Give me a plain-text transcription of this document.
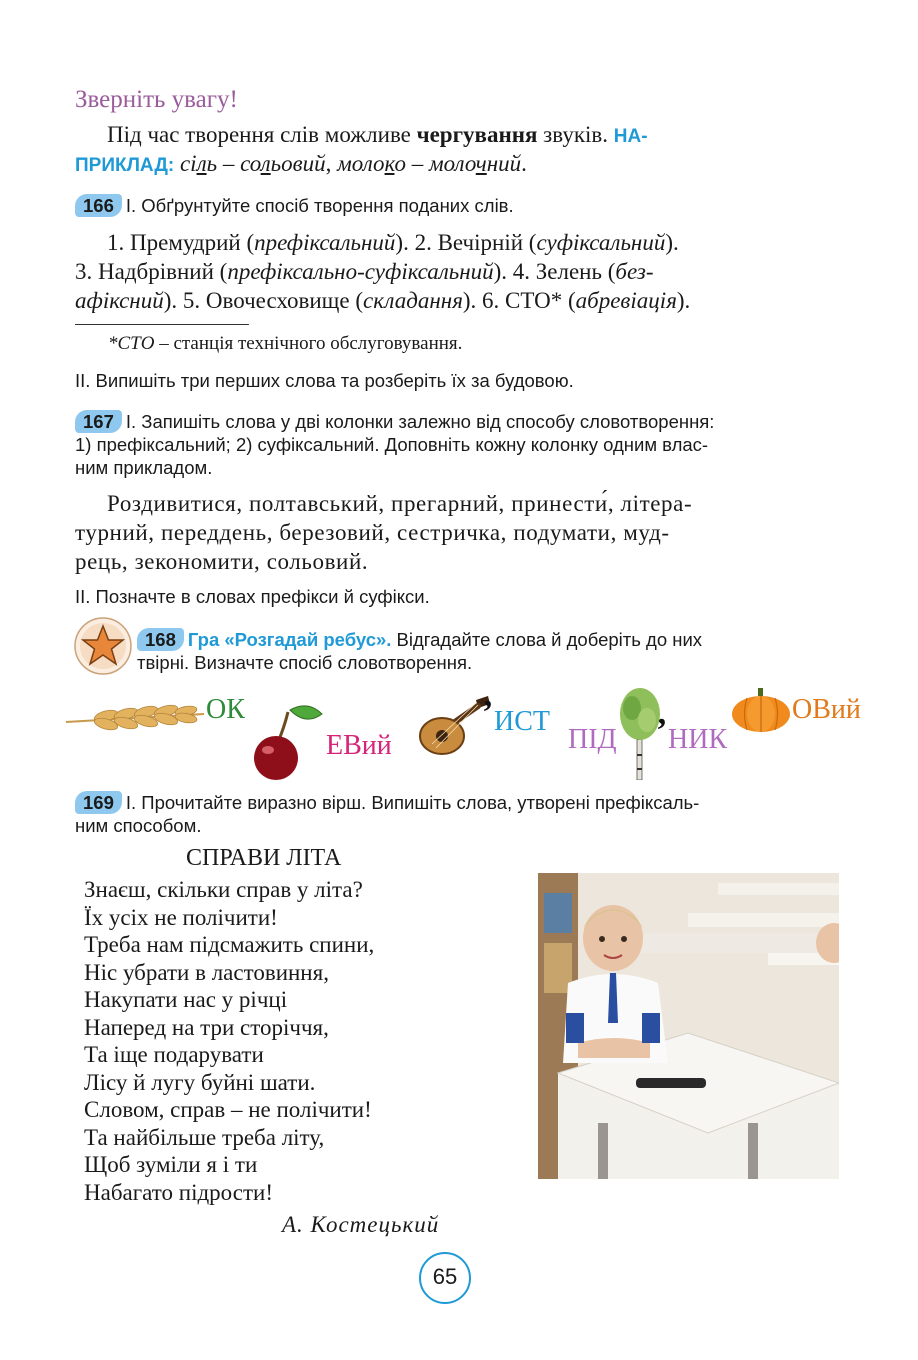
Зверніть увагу!
Під час творення слів можливе чергування звуків. НА-
ПРИКЛАД: сіль – сольовий, молоко – молочний.
166 І. Обґрунтуйте спосіб творення поданих слів.
1. Премудрий (префіксальний). 2. Вечірній (суфіксальний).
3. Надбрівний (префіксально-суфіксальний). 4. Зелень (без-
афіксний). 5. Овочесховище (складання). 6. СТО* (абревіація).
*СТО – станція технічного обслуговування.
ІІ. Випишіть три перших слова та розберіть їх за будовою.
167 І. Запишіть слова у дві колонки залежно від способу словотворення:
1) префіксальний; 2) суфіксальний. Доповніть кожну колонку одним влас-
ним прикладом.
Роздивитися, полтавський, прегарний, принести́, літера-
турний, переддень, березовий, сестричка, подумати, муд-
рець, зекономити, сольовий.
ІІ. Позначте в словах префікси й суфікси.
168 Гра «Розгадай ребус». Відгадайте слова й доберіть до них
твірні. Визначте спосіб словотворення.
ОК
ЕВий
’ ИСТ
ПІД ’ НИК
ОВий
169 І. Прочитайте виразно вірш. Випишіть слова, утворені префіксаль-
ним способом.
СПРАВИ ЛІТА
Знаєш, скільки справ у літа?
Їх усіх не полічити!
Треба нам підсмажить спини,
Ніс убрати в ластовиння,
Накупати нас у річці
Наперед на три сторіччя,
Та іще подарувати
Лісу й лугу буйні шати.
Словом, справ – не полічити!
Та найбільше треба літу,
Щоб зуміли я і ти
Набагато підрости!
А. Костецький
65
